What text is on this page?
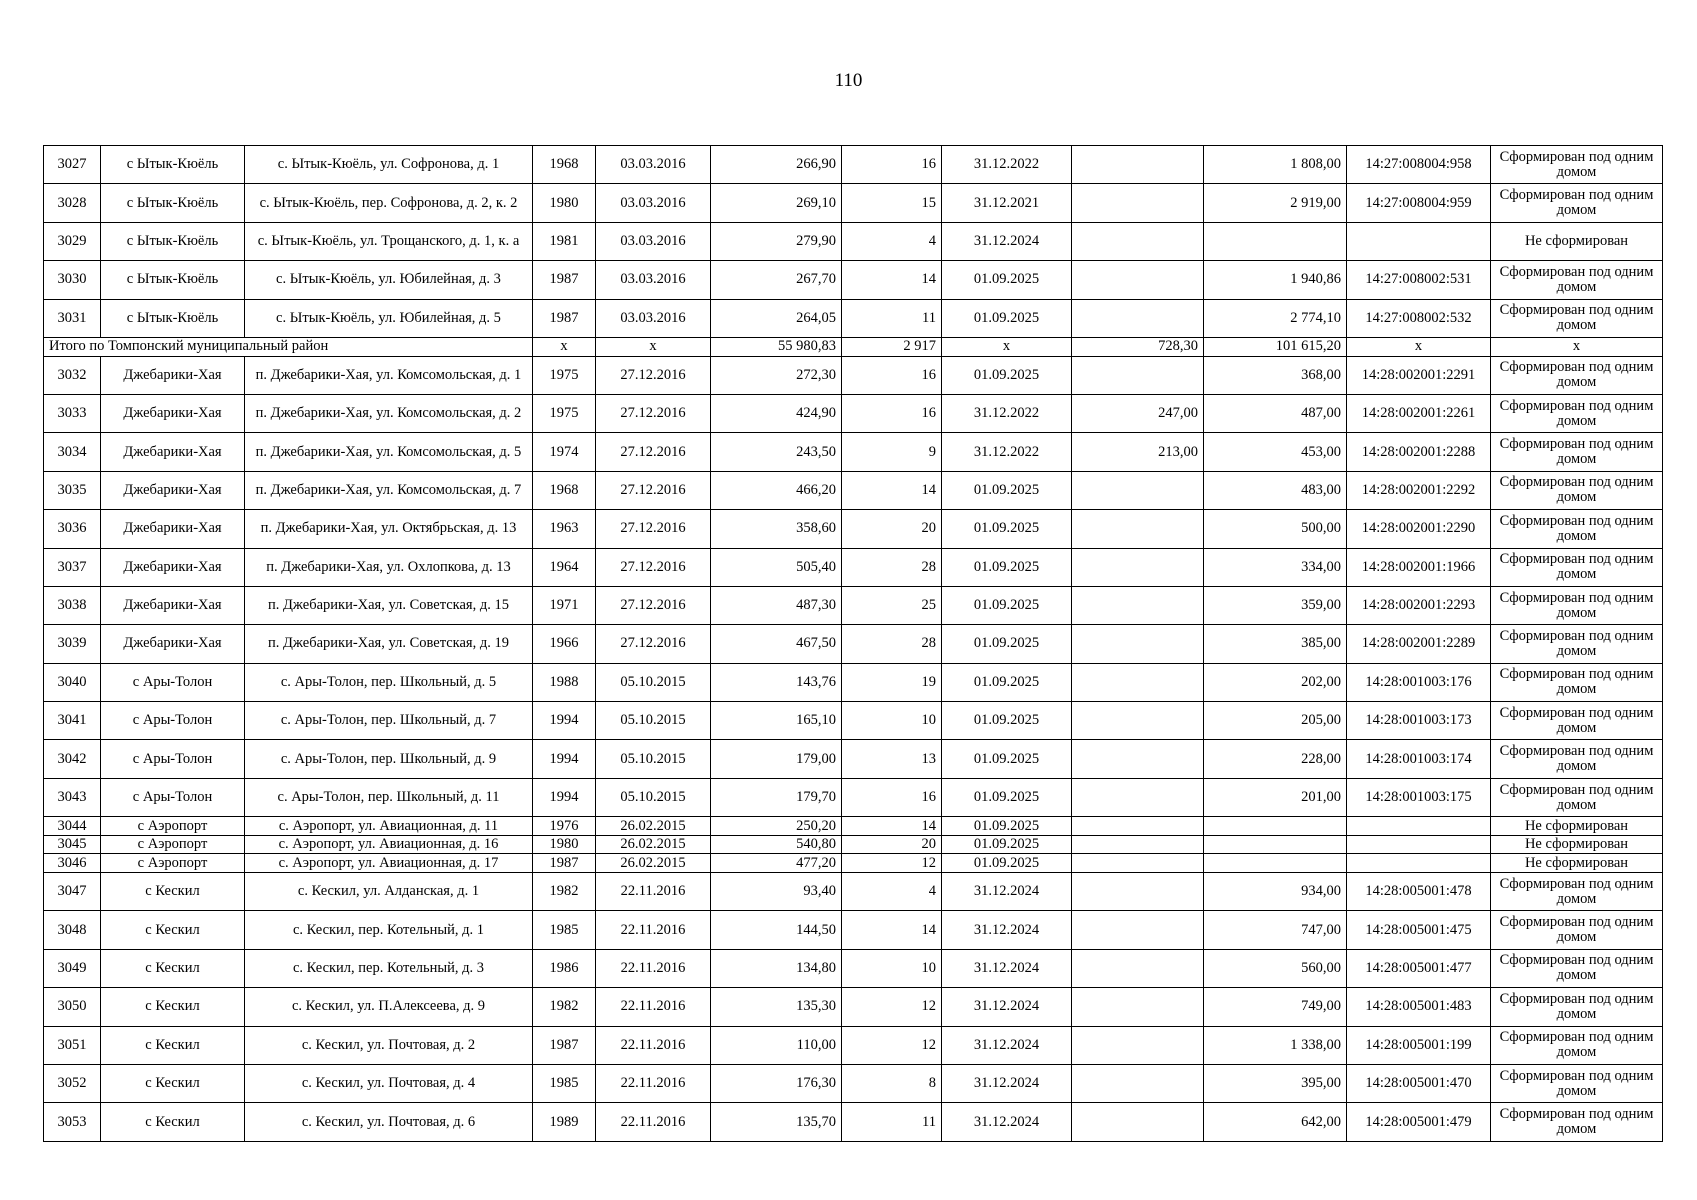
110
3027	с Ытык-Кюёль	с. Ытык-Кюёль, ул. Софронова, д. 1	1968	03.03.2016	266,90	16	31.12.2022		1 808,00	14:27:008004:958	Сформирован под одним домом
3028	с Ытык-Кюёль	с. Ытык-Кюёль, пер. Софронова, д. 2, к. 2	1980	03.03.2016	269,10	15	31.12.2021		2 919,00	14:27:008004:959	Сформирован под одним домом
3029	с Ытык-Кюёль	с. Ытык-Кюёль, ул. Трощанского, д. 1, к. а	1981	03.03.2016	279,90	4	31.12.2024				Не сформирован
3030	с Ытык-Кюёль	с. Ытык-Кюёль, ул. Юбилейная, д. 3	1987	03.03.2016	267,70	14	01.09.2025		1 940,86	14:27:008002:531	Сформирован под одним домом
3031	с Ытык-Кюёль	с. Ытык-Кюёль, ул. Юбилейная, д. 5	1987	03.03.2016	264,05	11	01.09.2025		2 774,10	14:27:008002:532	Сформирован под одним домом
Итого по Томпонский муниципальный район			х	х	55 980,83	2 917	х	728,30	101 615,20	х	х
3032	Джебарики-Хая	п. Джебарики-Хая, ул. Комсомольская, д. 1	1975	27.12.2016	272,30	16	01.09.2025		368,00	14:28:002001:2291	Сформирован под одним домом
3033	Джебарики-Хая	п. Джебарики-Хая, ул. Комсомольская, д. 2	1975	27.12.2016	424,90	16	31.12.2022	247,00	487,00	14:28:002001:2261	Сформирован под одним домом
3034	Джебарики-Хая	п. Джебарики-Хая, ул. Комсомольская, д. 5	1974	27.12.2016	243,50	9	31.12.2022	213,00	453,00	14:28:002001:2288	Сформирован под одним домом
3035	Джебарики-Хая	п. Джебарики-Хая, ул. Комсомольская, д. 7	1968	27.12.2016	466,20	14	01.09.2025		483,00	14:28:002001:2292	Сформирован под одним домом
3036	Джебарики-Хая	п. Джебарики-Хая, ул. Октябрьская, д. 13	1963	27.12.2016	358,60	20	01.09.2025		500,00	14:28:002001:2290	Сформирован под одним домом
3037	Джебарики-Хая	п. Джебарики-Хая, ул. Охлопкова, д. 13	1964	27.12.2016	505,40	28	01.09.2025		334,00	14:28:002001:1966	Сформирован под одним домом
3038	Джебарики-Хая	п. Джебарики-Хая, ул. Советская, д. 15	1971	27.12.2016	487,30	25	01.09.2025		359,00	14:28:002001:2293	Сформирован под одним домом
3039	Джебарики-Хая	п. Джебарики-Хая, ул. Советская, д. 19	1966	27.12.2016	467,50	28	01.09.2025		385,00	14:28:002001:2289	Сформирован под одним домом
3040	с Ары-Толон	с. Ары-Толон, пер. Школьный, д. 5	1988	05.10.2015	143,76	19	01.09.2025		202,00	14:28:001003:176	Сформирован под одним домом
3041	с Ары-Толон	с. Ары-Толон, пер. Школьный, д. 7	1994	05.10.2015	165,10	10	01.09.2025		205,00	14:28:001003:173	Сформирован под одним домом
3042	с Ары-Толон	с. Ары-Толон, пер. Школьный, д. 9	1994	05.10.2015	179,00	13	01.09.2025		228,00	14:28:001003:174	Сформирован под одним домом
3043	с Ары-Толон	с. Ары-Толон, пер. Школьный, д. 11	1994	05.10.2015	179,70	16	01.09.2025		201,00	14:28:001003:175	Сформирован под одним домом
3044	с Аэропорт	с. Аэропорт, ул. Авиационная, д. 11	1976	26.02.2015	250,20	14	01.09.2025				Не сформирован
3045	с Аэропорт	с. Аэропорт, ул. Авиационная, д. 16	1980	26.02.2015	540,80	20	01.09.2025				Не сформирован
3046	с Аэропорт	с. Аэропорт, ул. Авиационная, д. 17	1987	26.02.2015	477,20	12	01.09.2025				Не сформирован
3047	с Кескил	с. Кескил, ул. Алданская, д. 1	1982	22.11.2016	93,40	4	31.12.2024		934,00	14:28:005001:478	Сформирован под одним домом
3048	с Кескил	с. Кескил, пер. Котельный, д. 1	1985	22.11.2016	144,50	14	31.12.2024		747,00	14:28:005001:475	Сформирован под одним домом
3049	с Кескил	с. Кескил, пер. Котельный, д. 3	1986	22.11.2016	134,80	10	31.12.2024		560,00	14:28:005001:477	Сформирован под одним домом
3050	с Кескил	с. Кескил, ул. П.Алексеева, д. 9	1982	22.11.2016	135,30	12	31.12.2024		749,00	14:28:005001:483	Сформирован под одним домом
3051	с Кескил	с. Кескил, ул. Почтовая, д. 2	1987	22.11.2016	110,00	12	31.12.2024		1 338,00	14:28:005001:199	Сформирован под одним домом
3052	с Кескил	с. Кескил, ул. Почтовая, д. 4	1985	22.11.2016	176,30	8	31.12.2024		395,00	14:28:005001:470	Сформирован под одним домом
3053	с Кескил	с. Кескил, ул. Почтовая, д. 6	1989	22.11.2016	135,70	11	31.12.2024		642,00	14:28:005001:479	Сформирован под одним домом
